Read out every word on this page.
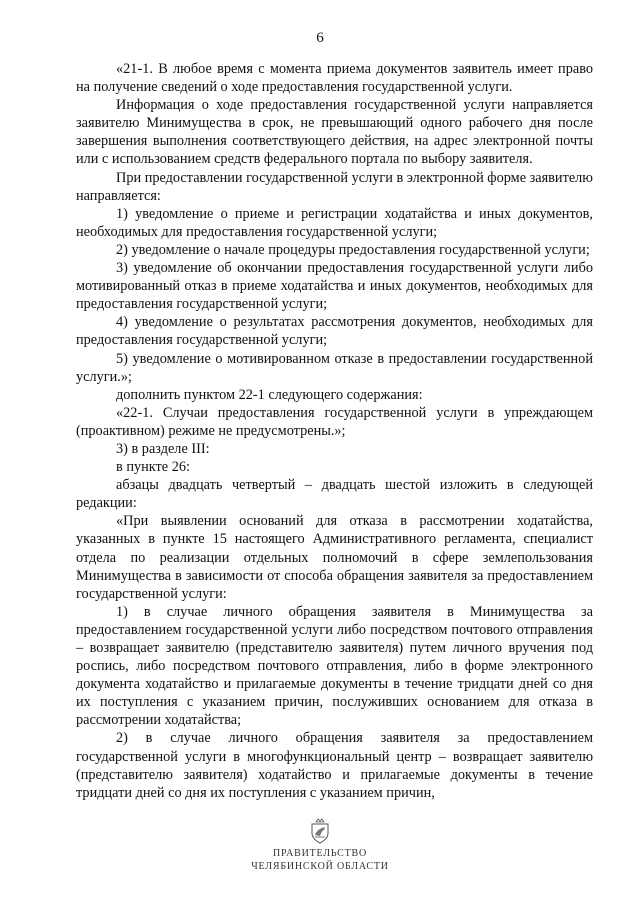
6

«21-1. В любое время с момента приема документов заявитель имеет право на получение сведений о ходе предоставления государственной услуги.

Информация о ходе предоставления государственной услуги направляется заявителю Минимущества в срок, не превышающий одного рабочего дня после завершения выполнения соответствующего действия, на адрес электронной почты или с использованием средств федерального портала по выбору заявителя.

При предоставлении государственной услуги в электронной форме заявителю направляется:

1) уведомление о приеме и регистрации ходатайства и иных документов, необходимых для предоставления государственной услуги;

2) уведомление о начале процедуры предоставления государственной услуги;

3) уведомление об окончании предоставления государственной услуги либо мотивированный отказ в приеме ходатайства и иных документов, необходимых для предоставления государственной услуги;

4) уведомление о результатах рассмотрения документов, необходимых для предоставления государственной услуги;

5) уведомление о мотивированном отказе в предоставлении государственной услуги.»;

дополнить пунктом 22-1 следующего содержания:

«22-1. Случаи предоставления государственной услуги в упреждающем (проактивном) режиме не предусмотрены.»;

3) в разделе III:

в пункте 26:

абзацы двадцать четвертый – двадцать шестой изложить в следующей редакции:

«При выявлении оснований для отказа в рассмотрении ходатайства, указанных в пункте 15 настоящего Административного регламента, специалист отдела по реализации отдельных полномочий в сфере землепользования Минимущества в зависимости от способа обращения заявителя за предоставлением государственной услуги:

1) в случае личного обращения заявителя в Минимущества за предоставлением государственной услуги либо посредством почтового отправления – возвращает заявителю (представителю заявителя) путем личного вручения под роспись, либо посредством почтового отправления, либо в форме электронного документа ходатайство и прилагаемые документы в течение тридцати дней со дня их поступления с указанием причин, послуживших основанием для отказа в рассмотрении ходатайства;

2) в случае личного обращения заявителя за предоставлением государственной услуги в многофункциональный центр – возвращает заявителю (представителю заявителя) ходатайство и прилагаемые документы в течение тридцати дней со дня их поступления с указанием причин,

ПРАВИТЕЛЬСТВО
ЧЕЛЯБИНСКОЙ ОБЛАСТИ
